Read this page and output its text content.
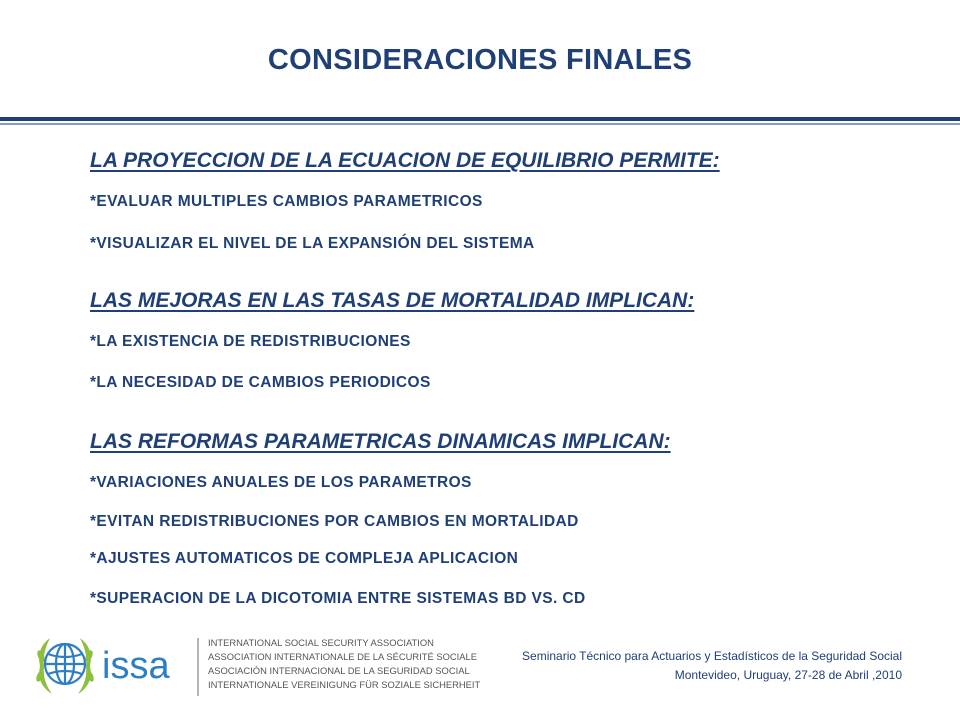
CONSIDERACIONES FINALES
LA PROYECCION DE LA ECUACION DE EQUILIBRIO PERMITE:
*EVALUAR MULTIPLES CAMBIOS PARAMETRICOS
*VISUALIZAR EL NIVEL DE LA EXPANSIÓN DEL SISTEMA
LAS MEJORAS EN LAS TASAS DE MORTALIDAD IMPLICAN:
*LA EXISTENCIA DE REDISTRIBUCIONES
*LA NECESIDAD DE CAMBIOS PERIODICOS
LAS REFORMAS PARAMETRICAS DINAMICAS IMPLICAN:
*VARIACIONES ANUALES DE LOS PARAMETROS
*EVITAN REDISTRIBUCIONES POR CAMBIOS EN MORTALIDAD
*AJUSTES AUTOMATICOS DE COMPLEJA APLICACION
*SUPERACION DE LA DICOTOMIA ENTRE SISTEMAS BD VS. CD
issa
INTERNATIONAL SOCIAL SECURITY ASSOCIATION
ASSOCIATION INTERNATIONALE DE LA SÉCURITÉ SOCIALE
ASOCIACIÓN INTERNACIONAL DE LA SEGURIDAD SOCIAL
INTERNATIONALE VEREINIGUNG FÜR SOZIALE SICHERHEIT
Seminario Técnico para Actuarios y Estadísticos de la Seguridad Social
Montevideo, Uruguay, 27-28 de Abril ,2010
